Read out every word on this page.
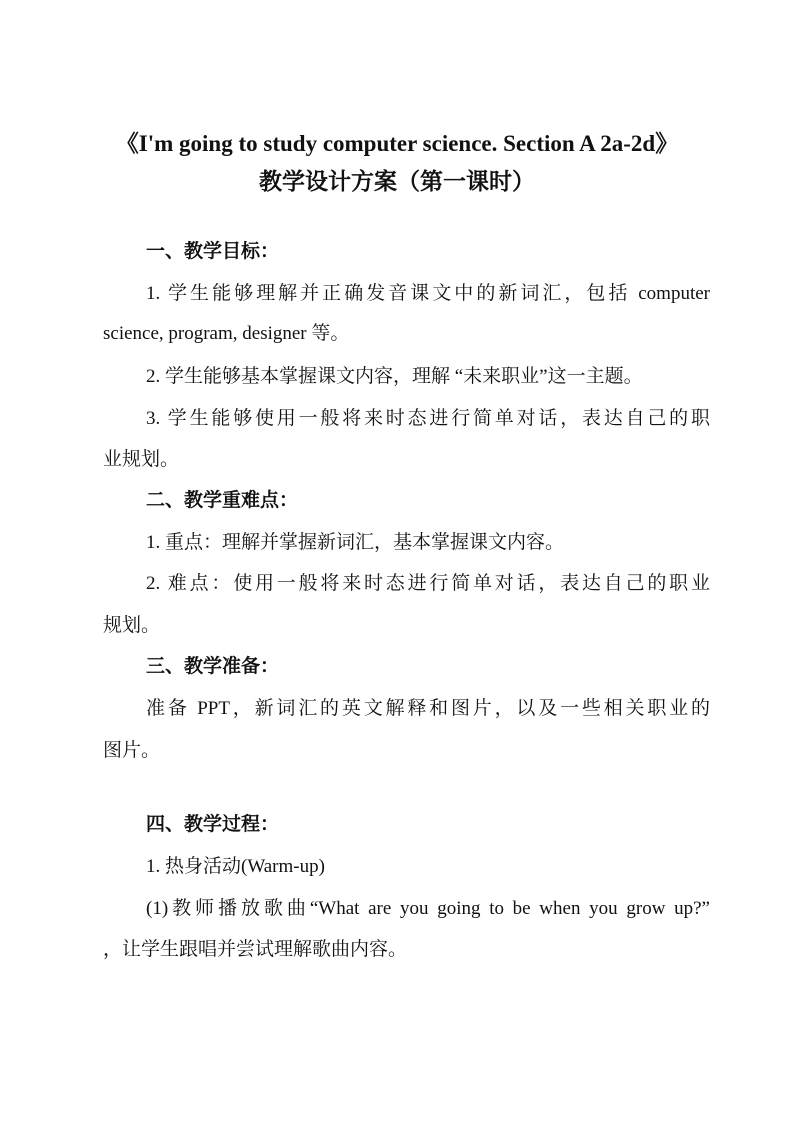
《I'm going to study computer science. Section A 2a-2d》
教学设计方案（第一课时）
一、教学目标：
1. 学生能够理解并正确发音课文中的新词汇，包括 computer
science, program, designer 等。
2. 学生能够基本掌握课文内容，理解 “未来职业”这一主题。
3. 学生能够使用一般将来时态进行简单对话，表达自己的职
业规划。
二、教学重难点：
1. 重点：理解并掌握新词汇，基本掌握课文内容。
2. 难点：使用一般将来时态进行简单对话，表达自己的职业
规划。
三、教学准备：
准备 PPT，新词汇的英文解释和图片，以及一些相关职业的
图片。
四、教学过程：
1. 热身活动(Warm-up)
(1)教师播放歌曲“What are you going to be when you grow up?”
，让学生跟唱并尝试理解歌曲内容。
